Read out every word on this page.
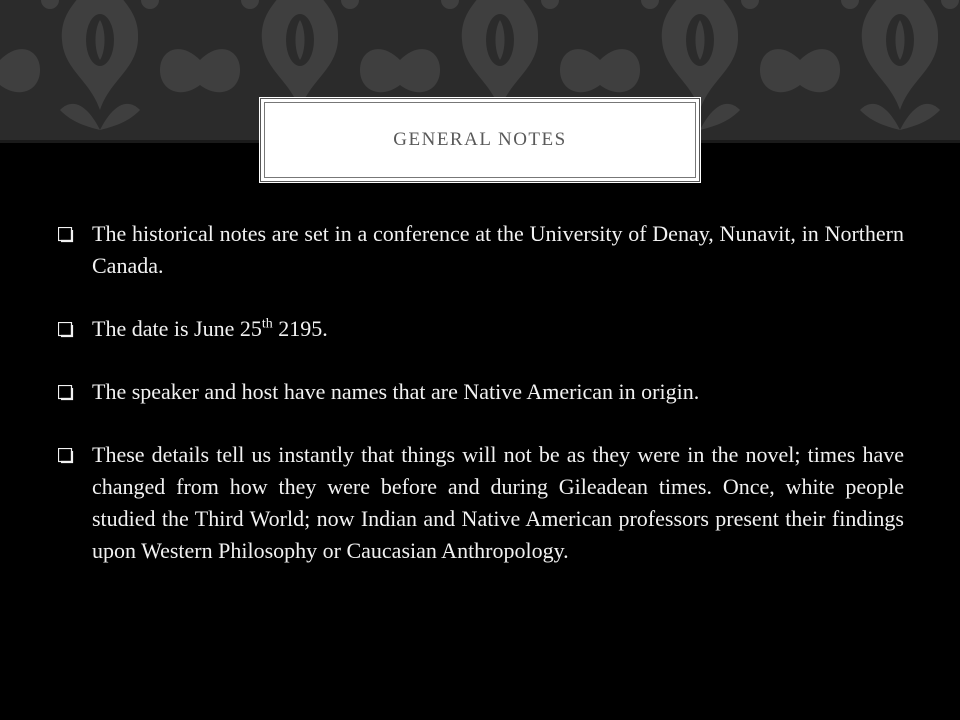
GENERAL NOTES
The historical notes are set in a conference at the University of Denay, Nunavit, in Northern Canada.
The date is June 25th 2195.
The speaker and host have names that are Native American in origin.
These details tell us instantly that things will not be as they were in the novel; times have changed from how they were before and during Gileadean times. Once, white people studied the Third World; now Indian and Native American professors present their findings upon Western Philosophy or Caucasian Anthropology.
